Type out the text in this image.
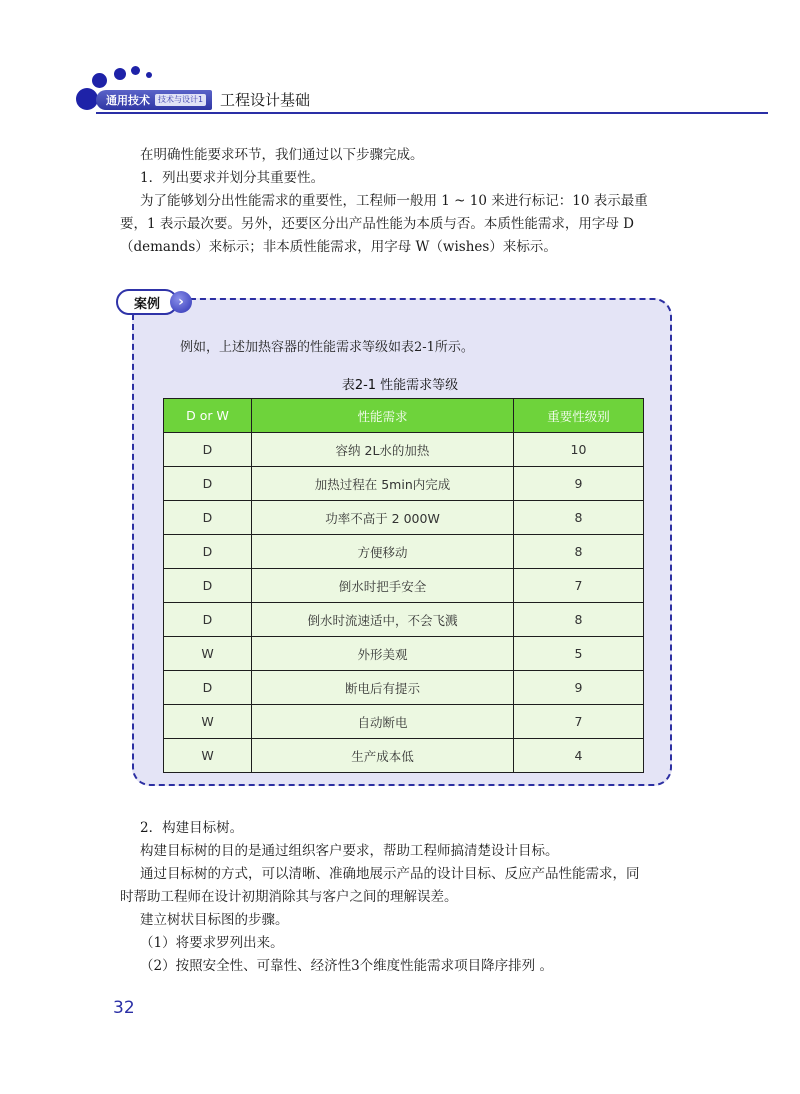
通用技术	技术与设计1 工程设计基础
在明确性能要求环节，我们通过以下步骤完成。
1．列出要求并划分其重要性。
为了能够划分出性能需求的重要性，工程师一般用 1 ~ 10 来进行标记：10 表示最重
要，1 表示最次要。另外，还要区分出产品性能为本质与否。本质性能需求，用字母 D
（demands）来标示；非本质性能需求，用字母 W（wishes）来标示。
案例	›
例如，上述加热容器的性能需求等级如表2-1所示。
表2-1 性能需求等级
D or W	性能需求	重要性级别
D	容纳 2L水的加热	10
D	加热过程在 5min内完成	9
D	功率不高于 2 000W	8
D	方便移动	8
D	倒水时把手安全	7
D	倒水时流速适中，不会飞溅	8
W	外形美观	5
D	断电后有提示	9
W	自动断电	7
W	生产成本低	4
2．构建目标树。
构建目标树的目的是通过组织客户要求，帮助工程师搞清楚设计目标。
通过目标树的方式，可以清晰、准确地展示产品的设计目标、反应产品性能需求，同
时帮助工程师在设计初期消除其与客户之间的理解误差。
建立树状目标图的步骤。
（1）将要求罗列出来。
（2）按照安全性、可靠性、经济性3个维度性能需求项目降序排列 。
32
